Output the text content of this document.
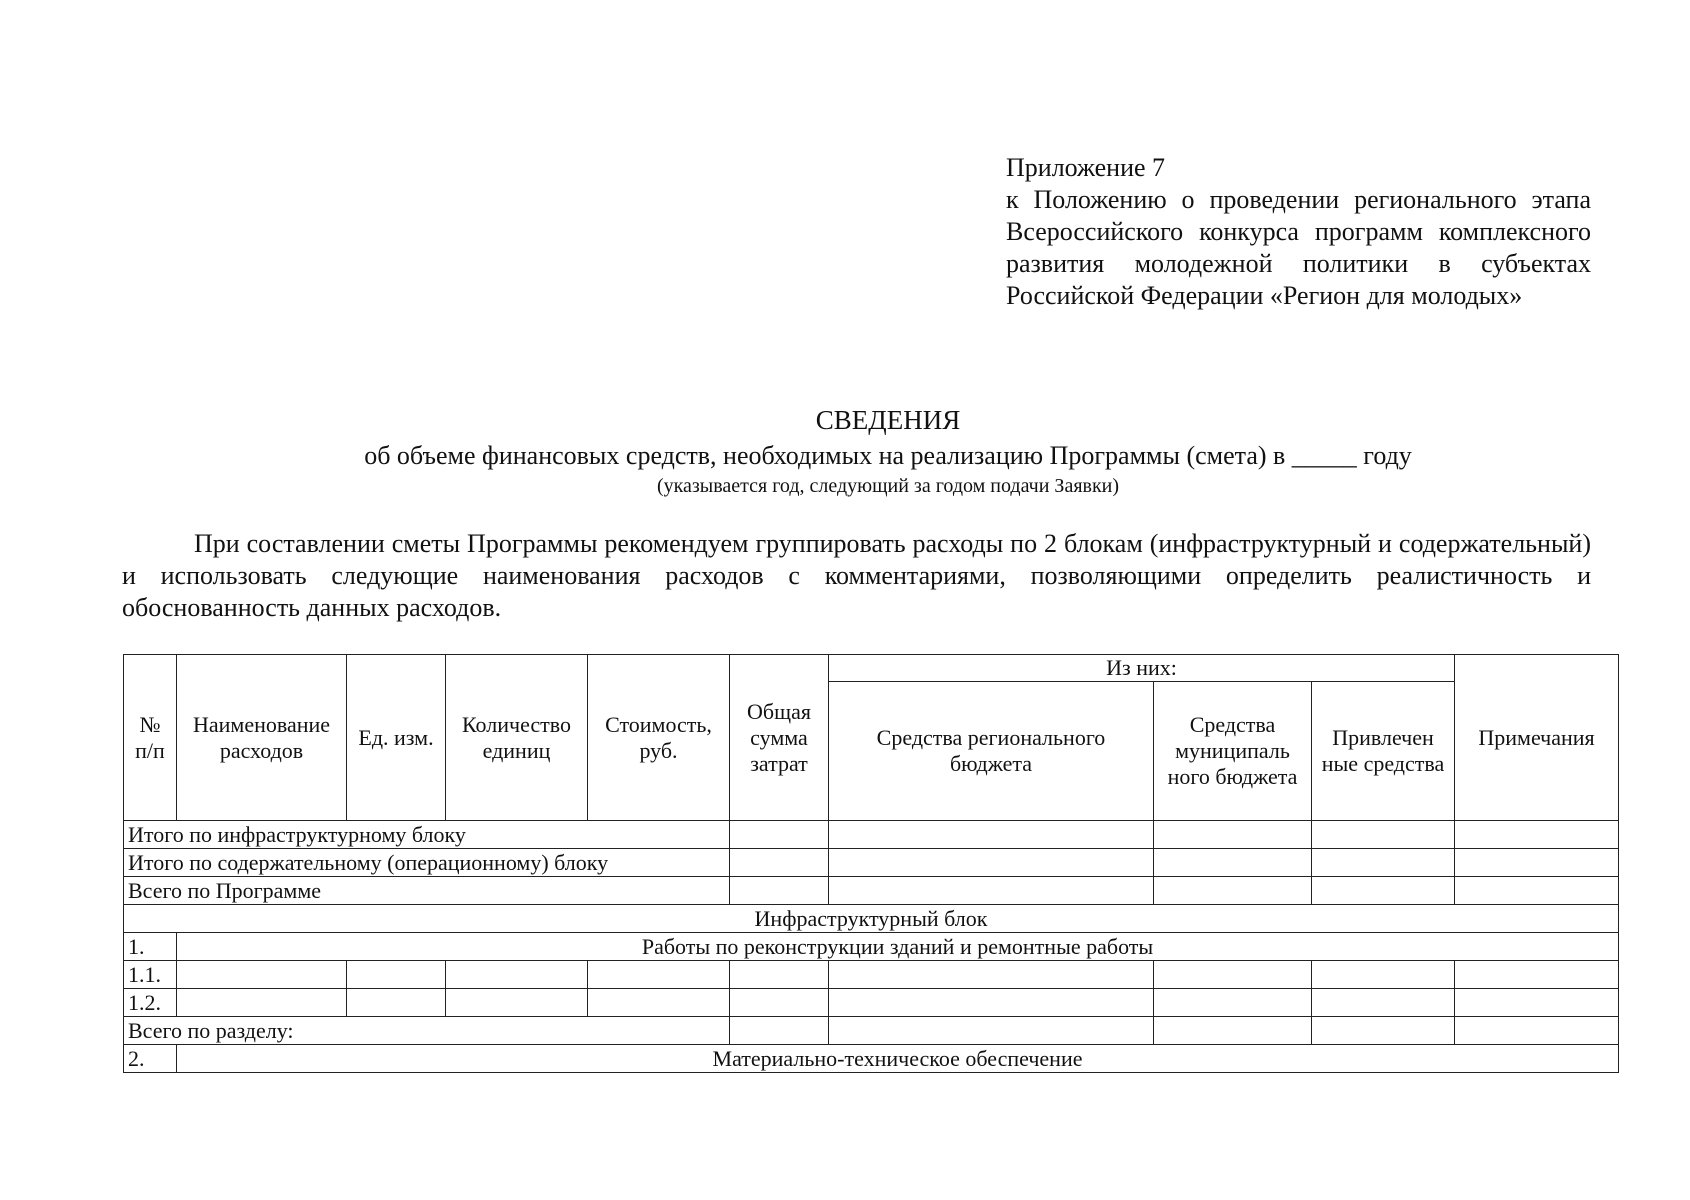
Приложение 7
к Положению о проведении регионального этапа Всероссийского конкурса программ комплексного развития молодежной политики в субъектах Российской Федерации «Регион для молодых»
СВЕДЕНИЯ
об объеме финансовых средств, необходимых на реализацию Программы (смета) в _____ году
(указывается год, следующий за годом подачи Заявки)
При составлении сметы Программы рекомендуем группировать расходы по 2 блокам (инфраструктурный и содержательный) и использовать следующие наименования расходов с комментариями, позволяющими определить реалистичность и обоснованность данных расходов.
№ п/п	Наименование расходов	Ед. изм.	Количество единиц	Стоимость, руб.	Общая сумма затрат	Из них:			Примечания
						Средства регионального бюджета	Средства муниципаль ного бюджета	Привлечен ные средства	
Итого по инфраструктурному блоку									
Итого по содержательному (операционному) блоку									
Всего по Программе									
Инфраструктурный блок									
1.	Работы по реконструкции зданий и ремонтные работы								
1.1.									
1.2.									
Всего по разделу:									
2.	Материально-техническое обеспечение								
